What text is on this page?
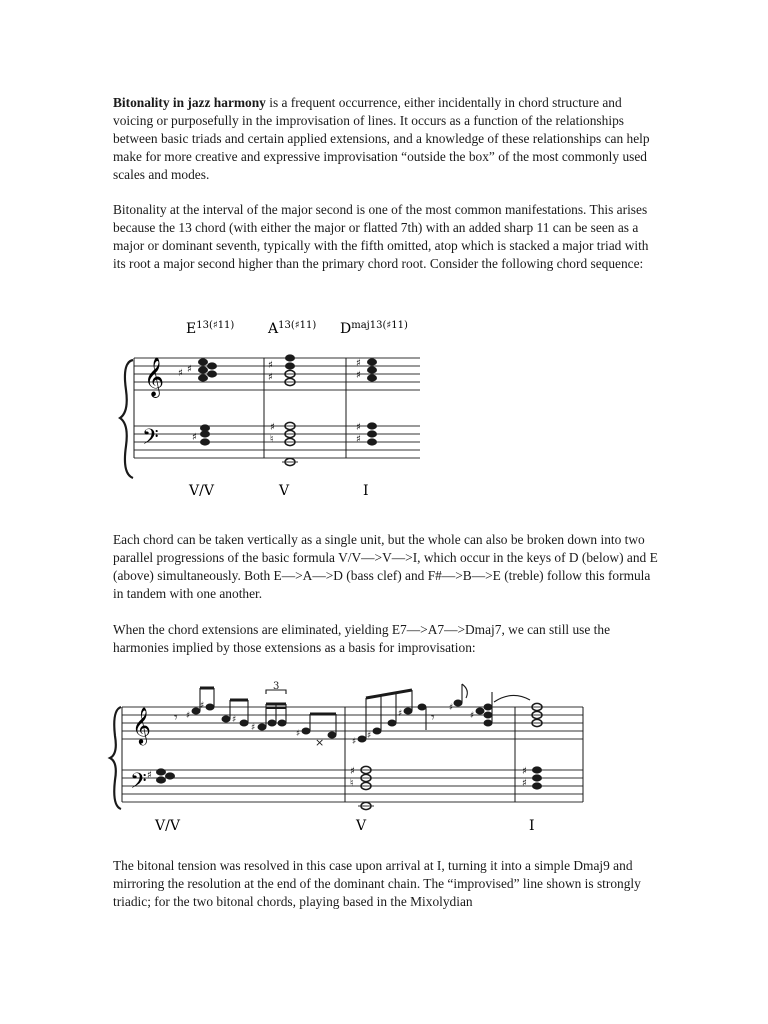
Bitonality in jazz harmony is a frequent occurrence, either incidentally in chord structure and voicing or purposefully in the improvisation of lines. It occurs as a function of the relationships between basic triads and certain applied extensions, and a knowledge of these relationships can help make for more creative and expressive improvisation “outside the box” of the most commonly used scales and modes.

Bitonality at the interval of the major second is one of the most common manifestations. This arises because the 13 chord (with either the major or flatted 7th) with an added sharp 11 can be seen as a major or dominant seventh, typically with the fifth omitted, atop which is stacked a major triad with its root a major second higher than the primary chord root. Consider the following chord sequence:

$E^{13(♯11)}$ $A^{13(♯11)}$ $D^{maj13(♯11)}$
𝄞
𝄢
♯ ♯
♯
♯
♯
♯
♮
♯
♯
♯
♯
V/V	V	I

Each chord can be taken vertically as a single unit, but the whole can also be broken down into two parallel progressions of the basic formula V/V—>V—>I, which occur in the keys of D (below) and E (above) simultaneously. Both E—>A—>D (bass clef) and F#—>B—>E (treble) follow this formula in tandem with one another.

When the chord extensions are eliminated, yielding E7—>A7—>Dmaj7, we can still use the harmonies implied by those extensions as a basis for improvisation:

𝄞
𝄢
𝄾 ♯
♯
♯
♯
♯
×
3
♯
♯
♯ 𝄾
♯
♯
^
>
♯	♯
♮
♯
♯
V/V	V	I

The bitonal tension was resolved in this case upon arrival at I, turning it into a simple Dmaj9 and mirroring the resolution at the end of the dominant chain. The “improvised” line shown is strongly triadic; for the two bitonal chords, playing based in the Mixolydian
